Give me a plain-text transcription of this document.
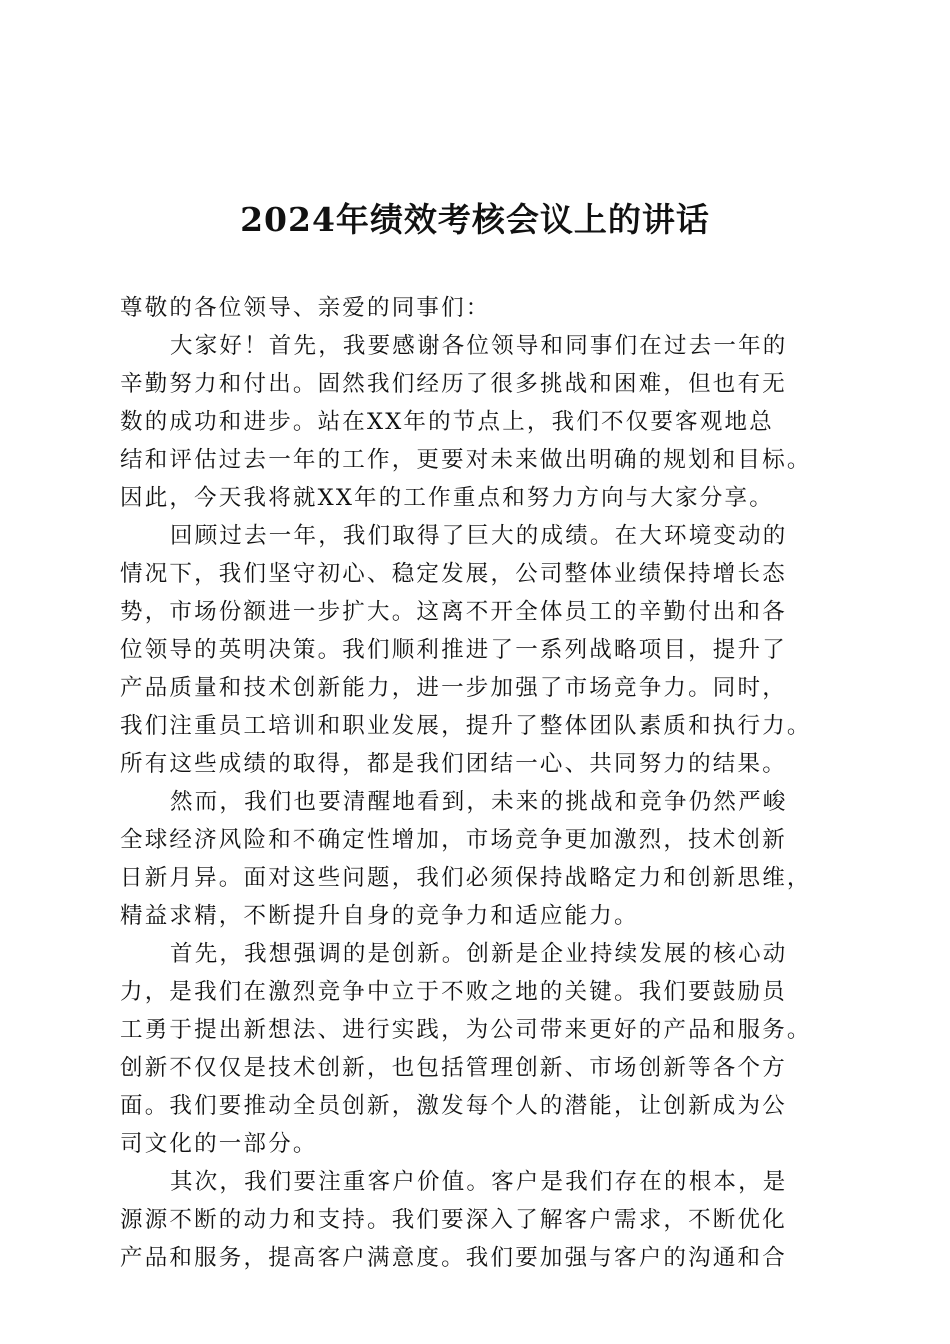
2024年绩效考核会议上的讲话
尊敬的各位领导、亲爱的同事们：
大家好！首先，我要感谢各位领导和同事们在过去一年的
辛勤努力和付出。固然我们经历了很多挑战和困难，但也有无
数的成功和进步。站在XX年的节点上，我们不仅要客观地总
结和评估过去一年的工作，更要对未来做出明确的规划和目标。
因此，今天我将就XX年的工作重点和努力方向与大家分享。
回顾过去一年，我们取得了巨大的成绩。在大环境变动的
情况下，我们坚守初心、稳定发展，公司整体业绩保持增长态
势，市场份额进一步扩大。这离不开全体员工的辛勤付出和各
位领导的英明决策。我们顺利推进了一系列战略项目，提升了
产品质量和技术创新能力，进一步加强了市场竞争力。同时，
我们注重员工培训和职业发展，提升了整体团队素质和执行力。
所有这些成绩的取得，都是我们团结一心、共同努力的结果。
然而，我们也要清醒地看到，未来的挑战和竞争仍然严峻
全球经济风险和不确定性增加，市场竞争更加激烈，技术创新
日新月异。面对这些问题，我们必须保持战略定力和创新思维，
精益求精，不断提升自身的竞争力和适应能力。
首先，我想强调的是创新。创新是企业持续发展的核心动
力，是我们在激烈竞争中立于不败之地的关键。我们要鼓励员
工勇于提出新想法、进行实践，为公司带来更好的产品和服务。
创新不仅仅是技术创新，也包括管理创新、市场创新等各个方
面。我们要推动全员创新，激发每个人的潜能，让创新成为公
司文化的一部分。
其次，我们要注重客户价值。客户是我们存在的根本，是
源源不断的动力和支持。我们要深入了解客户需求，不断优化
产品和服务，提高客户满意度。我们要加强与客户的沟通和合
